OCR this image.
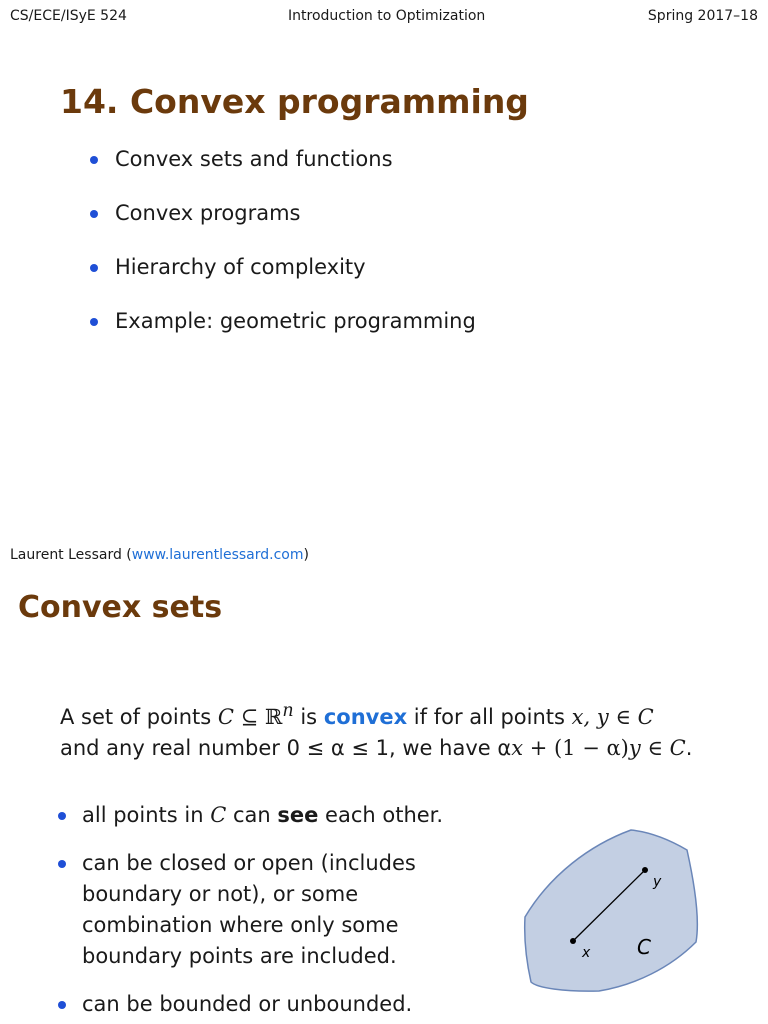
CS/ECE/ISyE 524	Introduction to Optimization	Spring 2017–18
14. Convex programming
Convex sets and functions
Convex programs
Hierarchy of complexity
Example: geometric programming
Laurent Lessard (www.laurentlessard.com)
Convex sets

A set of points C ⊆ ℝ$^n$ is convex if for all points x, y ∈ C
and any real number 0 ≤ α ≤ 1, we have αx + (1 − α)y ∈ C.

all points in C can see each other.
can be closed or open (includes boundary or not), or some combination where only some boundary points are included.
can be bounded or unbounded.
x
y
C
